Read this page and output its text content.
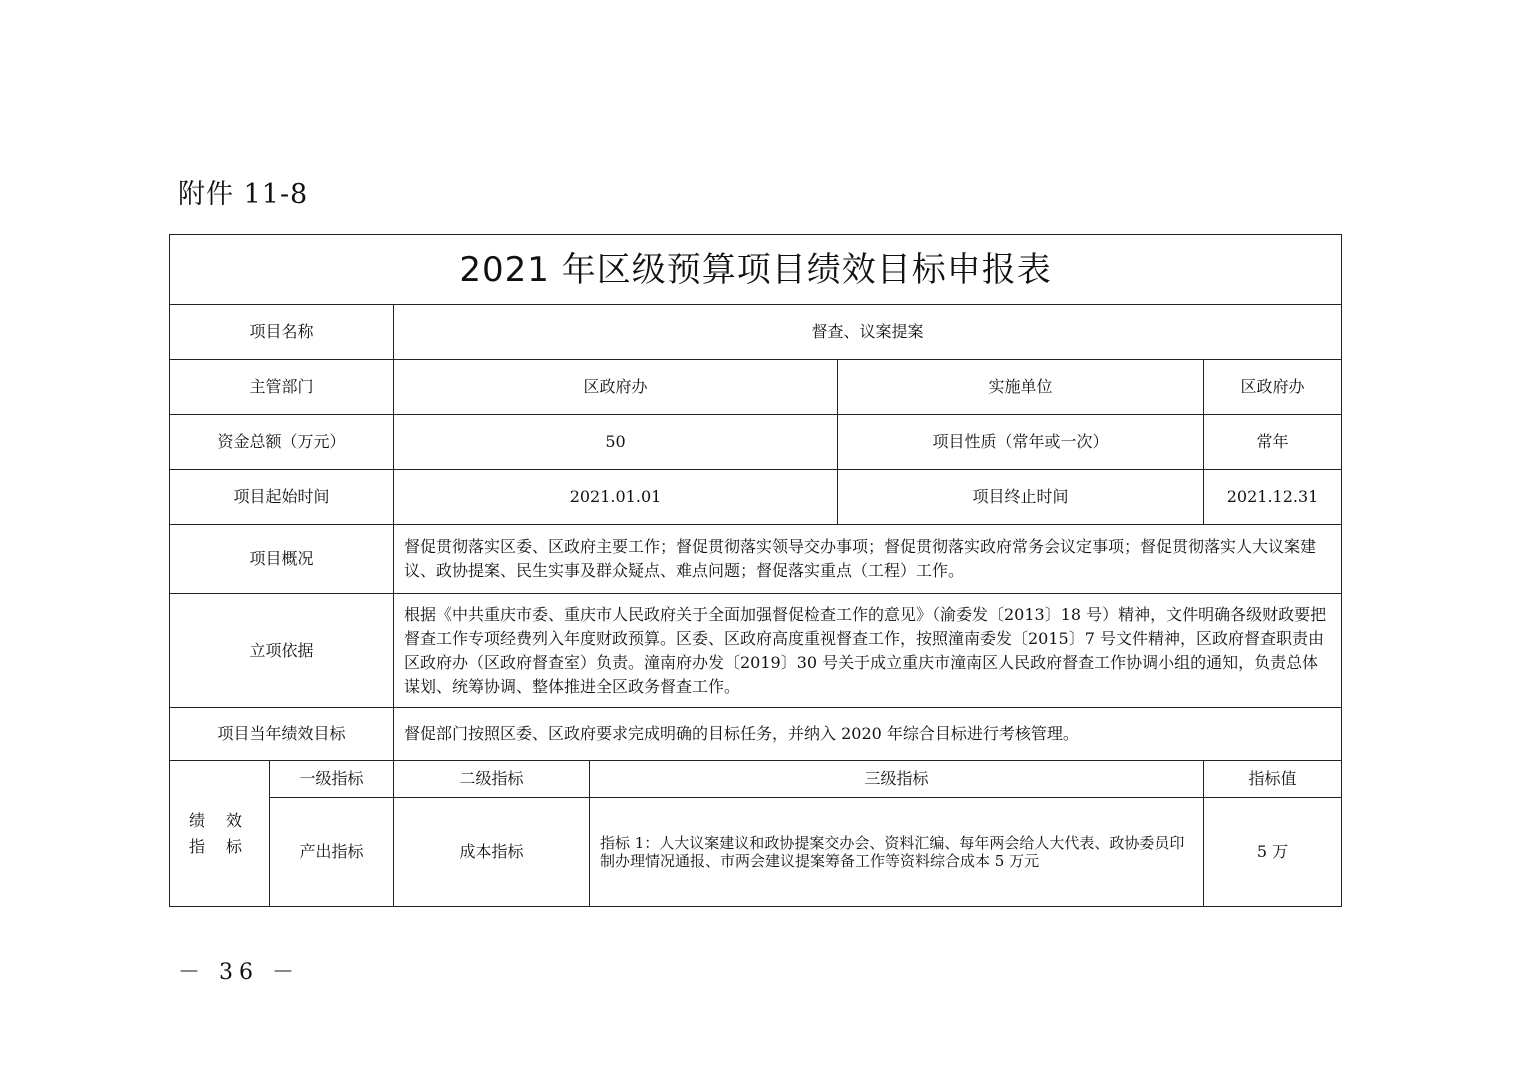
附件 11-8
2021 年区级预算项目绩效目标申报表					
项目名称		督查、议案提案			
主管部门		区政府办		实施单位	区政府办
资金总额（万元）		50		项目性质（常年或一次）	常年
项目起始时间		2021.01.01		项目终止时间	2021.12.31
项目概况		督促贯彻落实区委、区政府主要工作；督促贯彻落实领导交办事项；督促贯彻落实政府常务会议定事项；督促贯彻落实人大议案建议、政协提案、民生实事及群众疑点、难点问题；督促落实重点（工程）工作。			
立项依据		根据《中共重庆市委、重庆市人民政府关于全面加强督促检查工作的意见》（渝委发〔2013〕18 号）精神，文件明确各级财政要把督查工作专项经费列入年度财政预算。区委、区政府高度重视督查工作，按照潼南委发〔2015〕7 号文件精神，区政府督查职责由区政府办（区政府督查室）负责。潼南府办发〔2019〕30 号关于成立重庆市潼南区人民政府督查工作协调小组的通知，负责总体谋划、统筹协调、整体推进全区政务督查工作。			
项目当年绩效目标		督促部门按照区委、区政府要求完成明确的目标任务，并纳入 2020 年综合目标进行考核管理。			
绩 效 指 标	一级指标	二级指标	三级指标		指标值
	产出指标	成本指标	指标 1：人大议案建议和政协提案交办会、资料汇编、每年两会给人大代表、政协委员印制办理情况通报、市两会建议提案筹备工作等资料综合成本 5 万元		5 万
－ 36 －
